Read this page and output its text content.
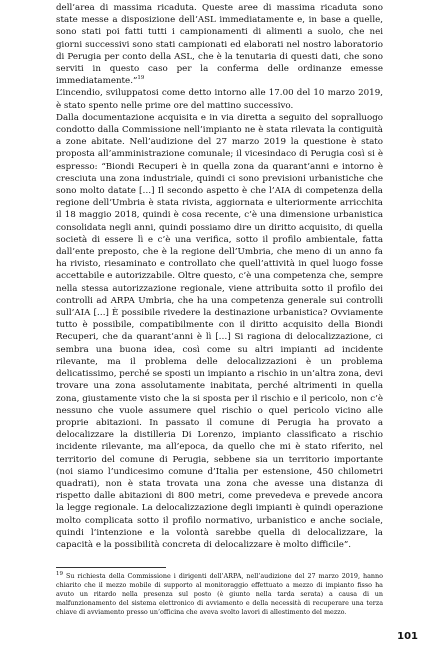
dell’area di massima ricaduta. Queste aree di massima ricaduta sono state messe a disposizione dell’ASL immediatamente e, in base a quelle, sono stati poi fatti tutti i campionamenti di alimenti a suolo, che nei giorni successivi sono stati campionati ed elaborati nel nostro laboratorio di Perugia per conto della ASL, che è la tenutaria di questi dati, che sono serviti in questo caso per la conferma delle ordinanze emesse immediatamente.”$^{19}$

L’incendio, sviluppatosi come detto intorno alle 17.00 del 10 marzo 2019, è stato spento nelle prime ore del mattino successivo.

Dalla documentazione acquisita e in via diretta a seguito del sopralluogo condotto dalla Commissione nell’impianto ne è stata rilevata la contiguità a zone abitate. Nell’audizione del 27 marzo 2019 la questione è stato proposta all’amministrazione comunale; il vicesindaco di Perugia così si è espresso: “Biondi Recuperi è in quella zona da quarant’anni e intorno è cresciuta una zona industriale, quindi ci sono previsioni urbanistiche che sono molto datate […] Il secondo aspetto è che l’AIA di competenza della regione dell’Umbria è stata rivista, aggiornata e ulteriormente arricchita il 18 maggio 2018, quindi è cosa recente, c’è una dimensione urbanistica consolidata negli anni, quindi possiamo dire un diritto acquisito, di quella società di essere lì e c’è una verifica, sotto il profilo ambientale, fatta dall’ente preposto, che è la regione dell’Umbria, che meno di un anno fa ha rivisto, riesaminato e controllato che quell’attività in quel luogo fosse accettabile e autorizzabile. Oltre questo, c’è una competenza che, sempre nella stessa autorizzazione regionale, viene attribuita sotto il profilo dei controlli ad ARPA Umbria, che ha una competenza generale sui controlli sull’AIA […] È possibile rivedere la destinazione urbanistica? Ovviamente tutto è possibile, compatibilmente con il diritto acquisito della Biondi Recuperi, che da quarant’anni è lì […] Si ragiona di delocalizzazione, ci sembra una buona idea, così come su altri impianti ad incidente rilevante, ma il problema delle delocalizzazioni è un problema delicatissimo, perché se sposti un impianto a rischio in un’altra zona, devi trovare una zona assolutamente inabitata, perché altrimenti in quella zona, giustamente visto che la si sposta per il rischio e il pericolo, non c’è nessuno che vuole assumere quel rischio o quel pericolo vicino alle proprie abitazioni. In passato il comune di Perugia ha provato a delocalizzare la distilleria Di Lorenzo, impianto classificato a rischio incidente rilevante, ma all’epoca, da quello che mi è stato riferito, nel territorio del comune di Perugia, sebbene sia un territorio importante (noi siamo l’undicesimo comune d’Italia per estensione, 450 chilometri quadrati), non è stata trovata una zona che avesse una distanza di rispetto dalle abitazioni di 800 metri, come prevedeva e prevede ancora la legge regionale. La delocalizzazione degli impianti è quindi operazione molto complicata sotto il profilo normativo, urbanistico e anche sociale, quindi l’intenzione e la volontà sarebbe quella di delocalizzare, la capacità e la possibilità concreta di delocalizzare è molto difficile”.

19 Su richiesta della Commissione i dirigenti dell’ARPA, nell’audizione del 27 marzo 2019, hanno chiarito che il mezzo mobile di supporto al monitoraggio effettuato a mezzo di impianto fisso ha avuto un ritardo nella presenza sul posto (è giunto nella tarda serata) a causa di un malfunzionamento del sistema elettronico di avviamento e della necessità di recuperare una terza chiave di avviamento presso un’officina che aveva svolto lavori di allestimento del mezzo.

101
